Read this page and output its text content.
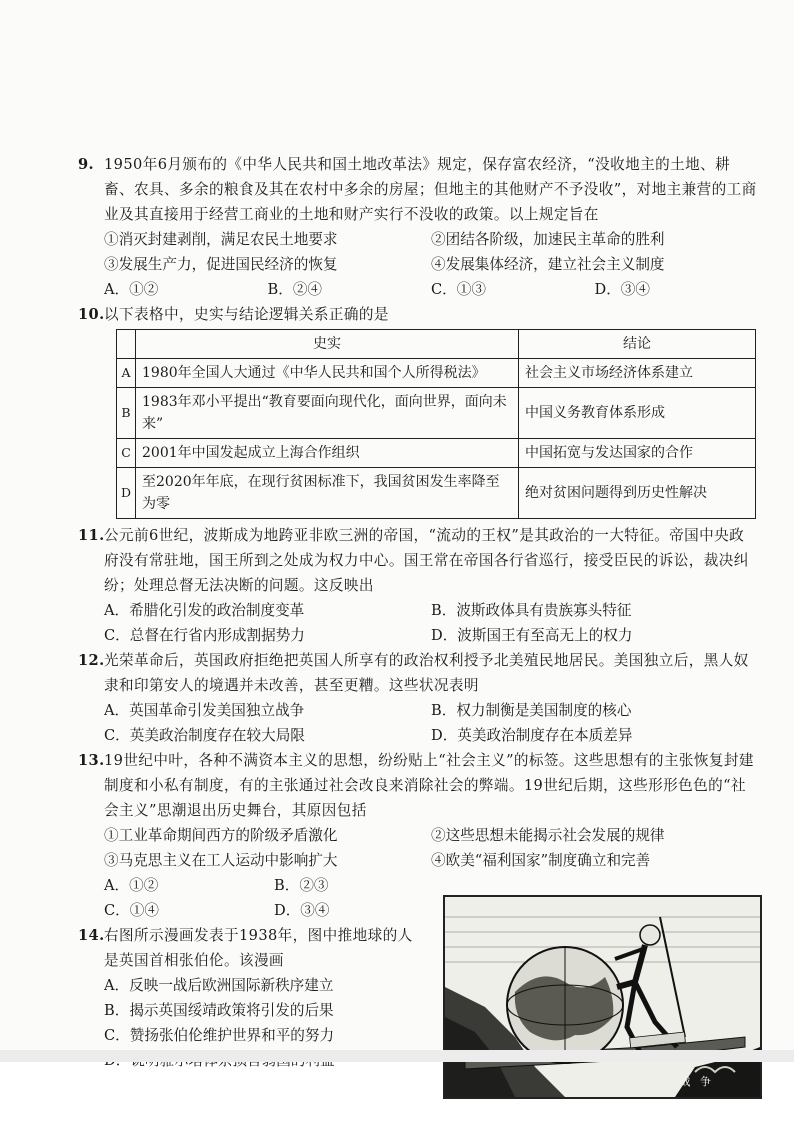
9. 1950年6月颁布的《中华人民共和国土地改革法》规定，保存富农经济，“没收地主的土地、耕畜、农具、多余的粮食及其在农村中多余的房屋；但地主的其他财产不予没收”，对地主兼营的工商业及其直接用于经营工商业的土地和财产实行不没收的政策。以上规定旨在
①消灭封建剥削，满足农民土地要求	②团结各阶级，加速民主革命的胜利
③发展生产力，促进国民经济的恢复	④发展集体经济，建立社会主义制度
A．①②	B．②④	C．①③	D．③④
10.以下表格中，史实与结论逻辑关系正确的是
	史实	结论
A	1980年全国人大通过《中华人民共和国个人所得税法》	社会主义市场经济体系建立
B	1983年邓小平提出“教育要面向现代化，面向世界，面向未来”	中国义务教育体系形成
C	2001年中国发起成立上海合作组织	中国拓宽与发达国家的合作
D	至2020年年底，在现行贫困标准下，我国贫困发生率降至为零	绝对贫困问题得到历史性解决
11.公元前6世纪，波斯成为地跨亚非欧三洲的帝国，“流动的王权”是其政治的一大特征。帝国中央政府没有常驻地，国王所到之处成为权力中心。国王常在帝国各行省巡行，接受臣民的诉讼，裁决纠纷；处理总督无法决断的问题。这反映出
A．希腊化引发的政治制度变革	B．波斯政体具有贵族寡头特征
C．总督在行省内形成割据势力	D．波斯国王有至高无上的权力
12.光荣革命后，英国政府拒绝把英国人所享有的政治权利授予北美殖民地居民。美国独立后，黑人奴隶和印第安人的境遇并未改善，甚至更糟。这些状况表明
A．英国革命引发美国独立战争	B．权力制衡是美国制度的核心
C．英美政治制度存在较大局限	D．英美政治制度存在本质差异
13.19世纪中叶，各种不满资本主义的思想，纷纷贴上“社会主义”的标签。这些思想有的主张恢复封建制度和小私有制度，有的主张通过社会改良来消除社会的弊端。19世纪后期，这些形形色色的“社会主义”思潮退出历史舞台，其原因包括
①工业革命期间西方的阶级矛盾激化	②这些思想未能揭示社会发展的规律
③马克思主义在工人运动中影响扩大	④欧美“福利国家”制度确立和完善
A．①②	B．②③
C．①④	D．③④
14.右图所示漫画发表于1938年，图中推地球的人是英国首相张伯伦。该漫画
A．反映一战后欧洲国际新秩序建立
B．揭示英国绥靖政策将引发的后果
C．赞扬张伯伦维护世界和平的努力
战 争
